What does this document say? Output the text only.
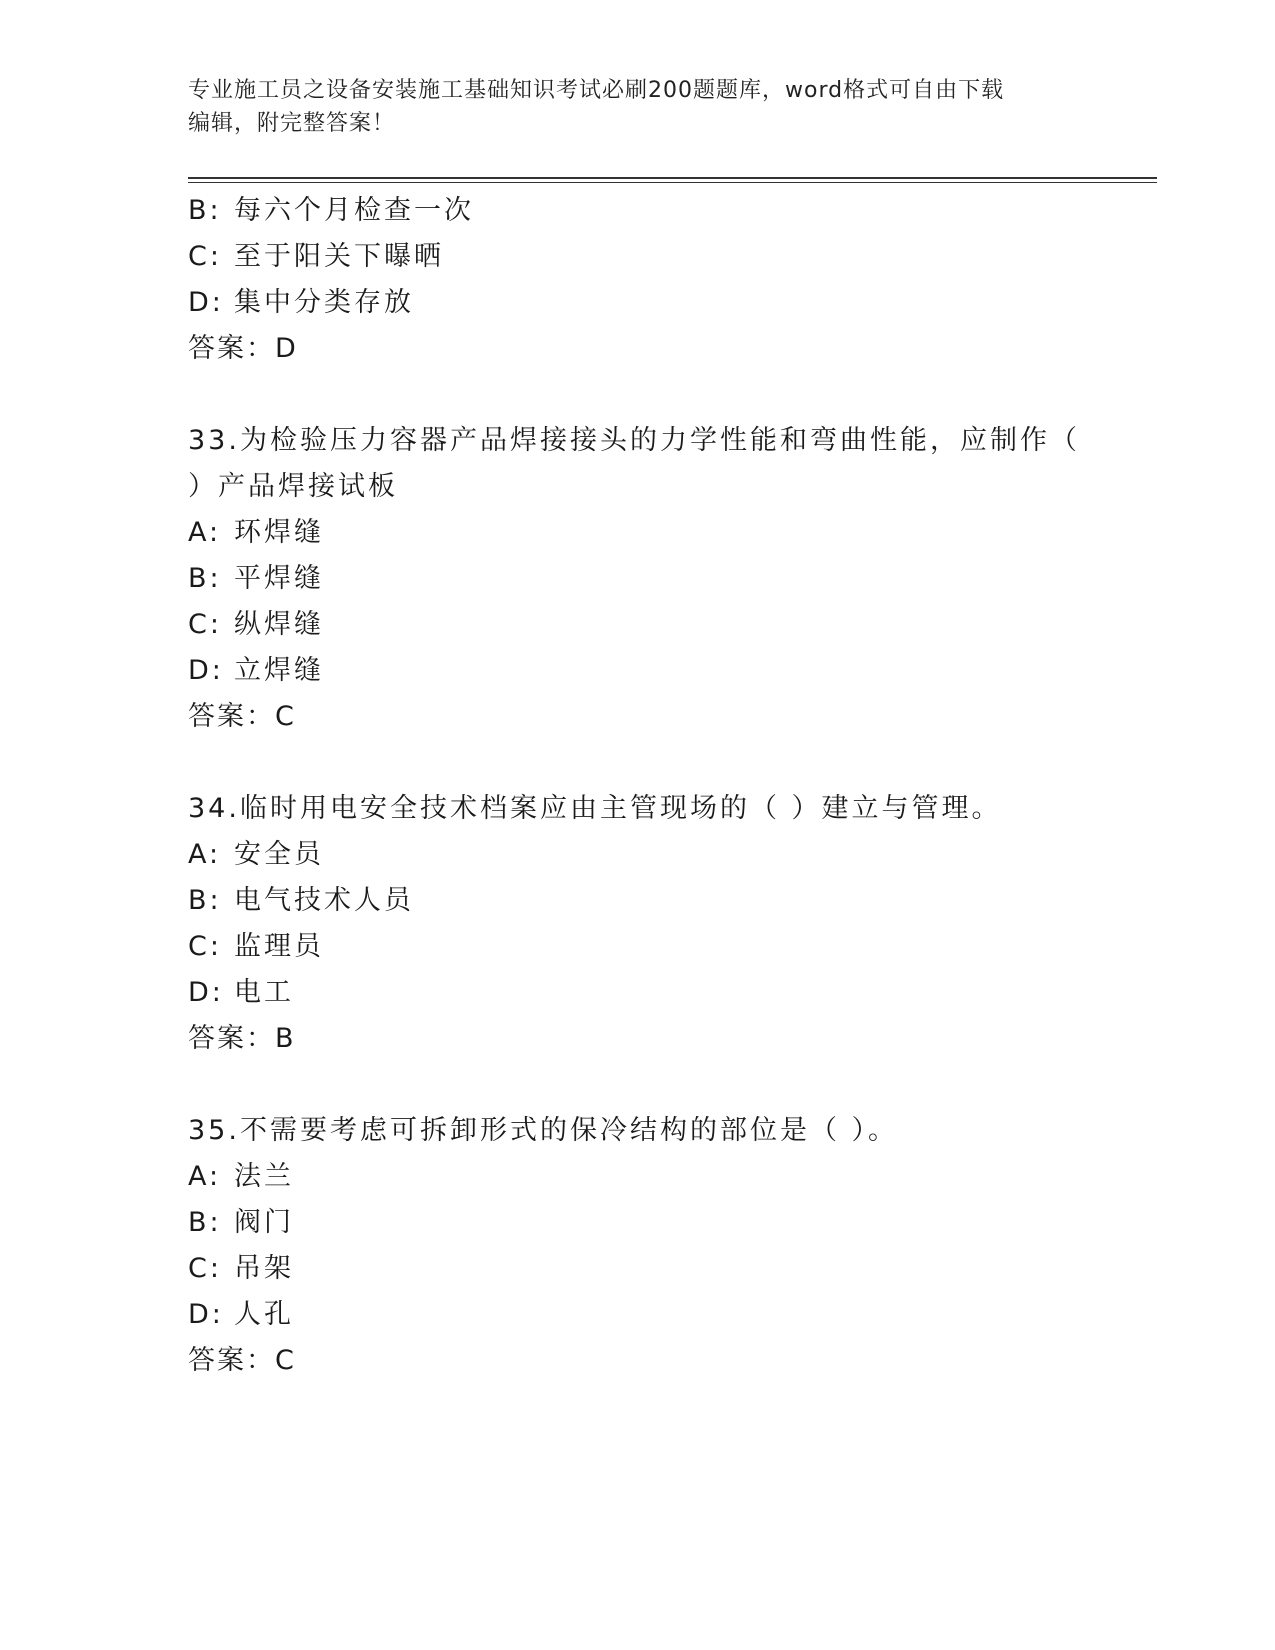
专业施工员之设备安装施工基础知识考试必刷200题题库，word格式可自由下载
编辑，附完整答案！
B: 每六个月检查一次
C: 至于阳关下曝晒
D: 集中分类存放
答案：D
33.为检验压力容器产品焊接接头的力学性能和弯曲性能，应制作（
）产品焊接试板
A: 环焊缝
B: 平焊缝
C: 纵焊缝
D: 立焊缝
答案：C
34.临时用电安全技术档案应由主管现场的（ ）建立与管理。
A: 安全员
B: 电气技术人员
C: 监理员
D: 电工
答案：B
35.不需要考虑可拆卸形式的保冷结构的部位是（ ）。
A: 法兰
B: 阀门
C: 吊架
D: 人孔
答案：C
